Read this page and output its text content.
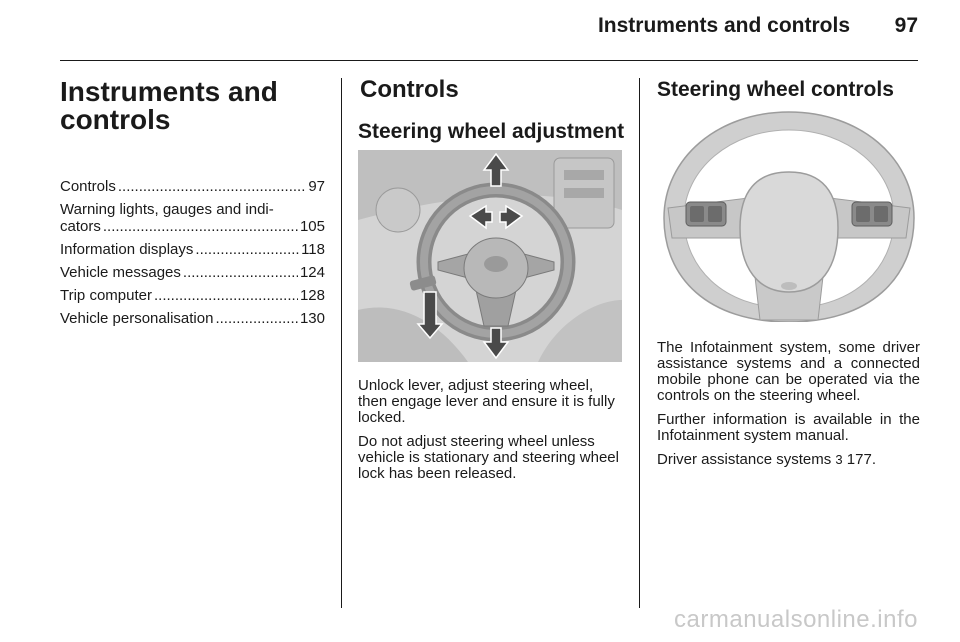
Instruments and controls 97
Instruments and
controls
Controls .....	97
Warning lights, gauges and indi-
cators .....	105
Information displays .....	118
Vehicle messages .....	124
Trip computer .....	128
Vehicle personalisation .....	130
Controls
Steering wheel adjustment

Unlock lever, adjust steering wheel, then engage lever and ensure it is fully locked.

Do not adjust steering wheel unless vehicle is stationary and steering wheel lock has been released.

Steering wheel controls

The Infotainment system, some driver assistance systems and a connected mobile phone can be operated via the controls on the steering wheel.

Further information is available in the Infotainment system manual.

Driver assistance systems 3 177.

carmanualsonline.info
